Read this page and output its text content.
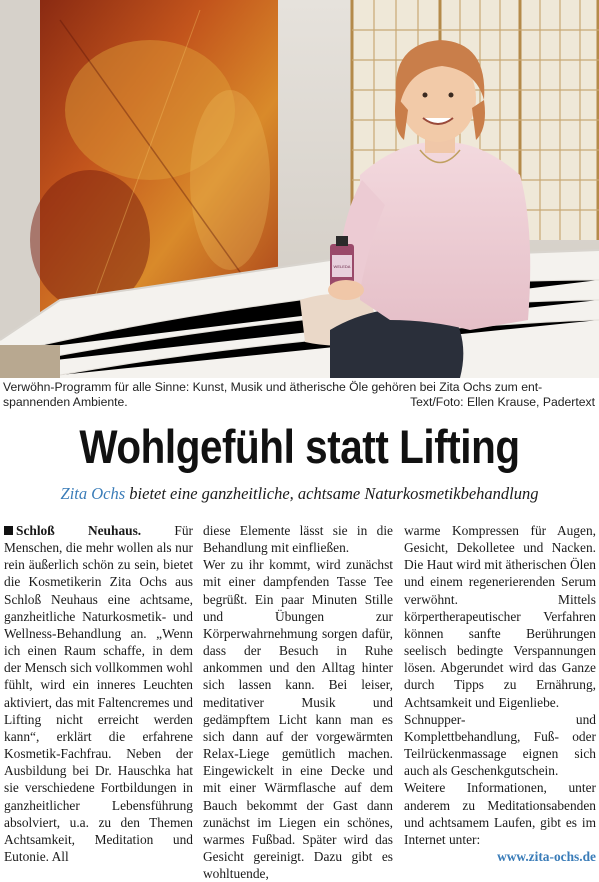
WELEDA
Verwöhn-Programm für alle Sinne: Kunst, Musik und ätherische Öle gehören bei Zita Ochs zum ent-
spannenden Ambiente.	Text/Foto: Ellen Krause, Padertext
Wohlgefühl statt Lifting
Zita Ochs bietet eine ganzheitliche, achtsame Naturkosmetikbehandlung

Schloß Neuhaus. Für Menschen, die mehr wollen als nur rein äußerlich schön zu sein, bietet die Kosmetikerin Zita Ochs aus Schloß Neuhaus eine achtsame, ganzheitliche Naturkosmetik- und Wellness-Behandlung an. „Wenn ich einen Raum schaffe, in dem der Mensch sich vollkommen wohl fühlt, wird ein inneres Leuchten aktiviert, das mit Faltencremes und Lifting nicht erreicht werden kann“, erklärt die erfahrene Kosmetik-Fachfrau. Neben der Ausbildung bei Dr. Hauschka hat sie verschiedene Fortbildungen in ganzheitlicher Lebensführung absolviert, u.a. zu den Themen Achtsamkeit, Meditation und Eutonie. All

diese Elemente lässt sie in die Behandlung mit einfließen.

Wer zu ihr kommt, wird zunächst mit einer dampfenden Tasse Tee begrüßt. Ein paar Minuten Stille und Übungen zur Körperwahrnehmung sorgen dafür, dass der Besuch in Ruhe ankommen und den Alltag hinter sich lassen kann. Bei leiser, meditativer Musik und gedämpftem Licht kann man es sich dann auf der vorgewärmten Relax-Liege gemütlich machen. Eingewickelt in eine Decke und mit einer Wärmflasche auf dem Bauch bekommt der Gast dann zunächst im Liegen ein schönes, warmes Fußbad. Später wird das Gesicht gereinigt. Dazu gibt es wohltuende,

warme Kompressen für Augen, Gesicht, Dekolletee und Nacken. Die Haut wird mit ätherischen Ölen und einem regenerierenden Serum verwöhnt. Mittels körpertherapeutischer Verfahren können sanfte Berührungen seelisch bedingte Verspannungen lösen. Abgerundet wird das Ganze durch Tipps zu Ernährung, Achtsamkeit und Eigenliebe.

Schnupper- und Komplettbehandlung, Fuß- oder Teilrückenmassage eignen sich auch als Geschenkgutschein.

Weitere Informationen, unter anderem zu Meditationsabenden und achtsamem Laufen, gibt es im Internet unter:

www.zita-ochs.de
